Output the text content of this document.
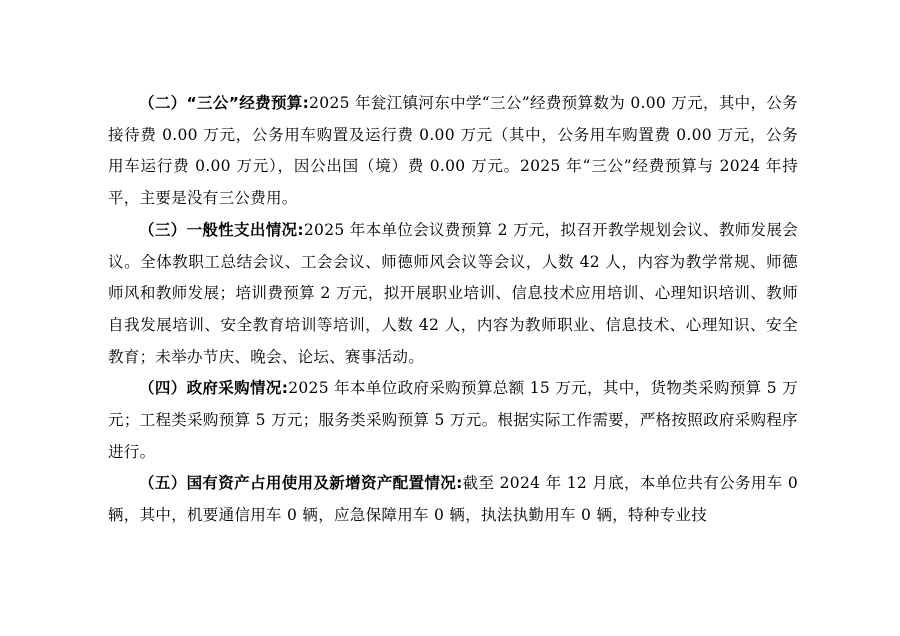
（二）“三公”经费预算:2025 年瓮江镇河东中学“三公”经费预算数为 0.00 万元，其中，公务接待费 0.00 万元，公务用车购置及运行费 0.00 万元（其中，公务用车购置费 0.00 万元，公务用车运行费 0.00 万元），因公出国（境）费 0.00 万元。2025 年“三公”经费预算与 2024 年持平，主要是没有三公费用。

（三）一般性支出情况:2025 年本单位会议费预算 2 万元，拟召开教学规划会议、教师发展会议。全体教职工总结会议、工会会议、师德师风会议等会议，人数 42 人，内容为教学常规、师德师风和教师发展；培训费预算 2 万元，拟开展职业培训、信息技术应用培训、心理知识培训、教师自我发展培训、安全教育培训等培训，人数 42 人，内容为教师职业、信息技术、心理知识、安全教育；未举办节庆、晚会、论坛、赛事活动。

（四）政府采购情况:2025 年本单位政府采购预算总额 15 万元，其中，货物类采购预算 5 万元；工程类采购预算 5 万元；服务类采购预算 5 万元。根据实际工作需要，严格按照政府采购程序进行。

（五）国有资产占用使用及新增资产配置情况:截至 2024 年 12 月底，本单位共有公务用车 0 辆，其中，机要通信用车 0 辆，应急保障用车 0 辆，执法执勤用车 0 辆，特种专业技
